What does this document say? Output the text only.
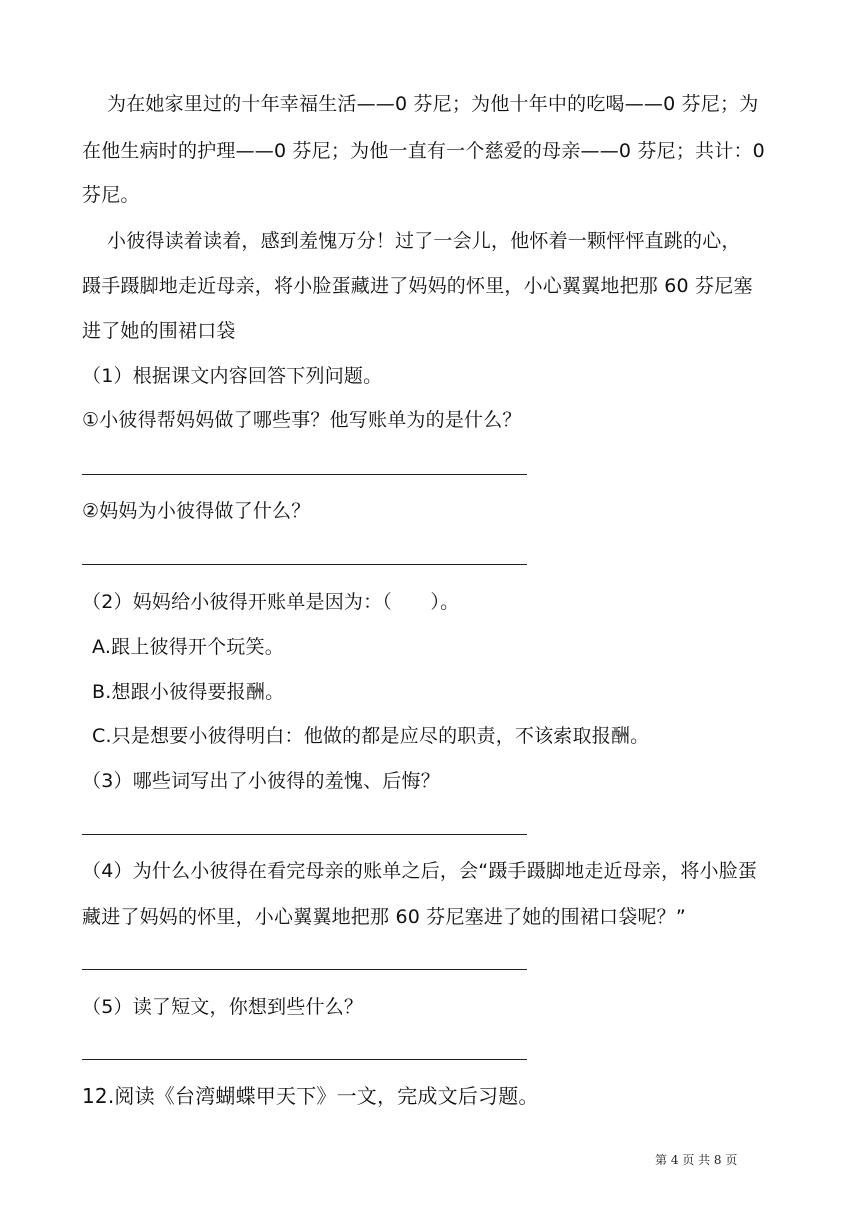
为在她家里过的十年幸福生活——0 芬尼；为他十年中的吃喝——0 芬尼；为
在他生病时的护理——0 芬尼；为他一直有一个慈爱的母亲——0 芬尼；共计：0
芬尼。
小彼得读着读着，感到羞愧万分！过了一会儿，他怀着一颗怦怦直跳的心，
蹑手蹑脚地走近母亲，将小脸蛋藏进了妈妈的怀里，小心翼翼地把那 60 芬尼塞
进了她的围裙口袋
（1）根据课文内容回答下列问题。
①小彼得帮妈妈做了哪些事？他写账单为的是什么？
②妈妈为小彼得做了什么？
（2）妈妈给小彼得开账单是因为：（　　）。
A.跟上彼得开个玩笑。
B.想跟小彼得要报酬。
C.只是想要小彼得明白：他做的都是应尽的职责，不该索取报酬。
（3）哪些词写出了小彼得的羞愧、后悔？
（4）为什么小彼得在看完母亲的账单之后，会“蹑手蹑脚地走近母亲，将小脸蛋
藏进了妈妈的怀里，小心翼翼地把那 60 芬尼塞进了她的围裙口袋呢？”
（5）读了短文，你想到些什么？
12.阅读《台湾蝴蝶甲天下》一文，完成文后习题。
第 4 页 共 8 页
